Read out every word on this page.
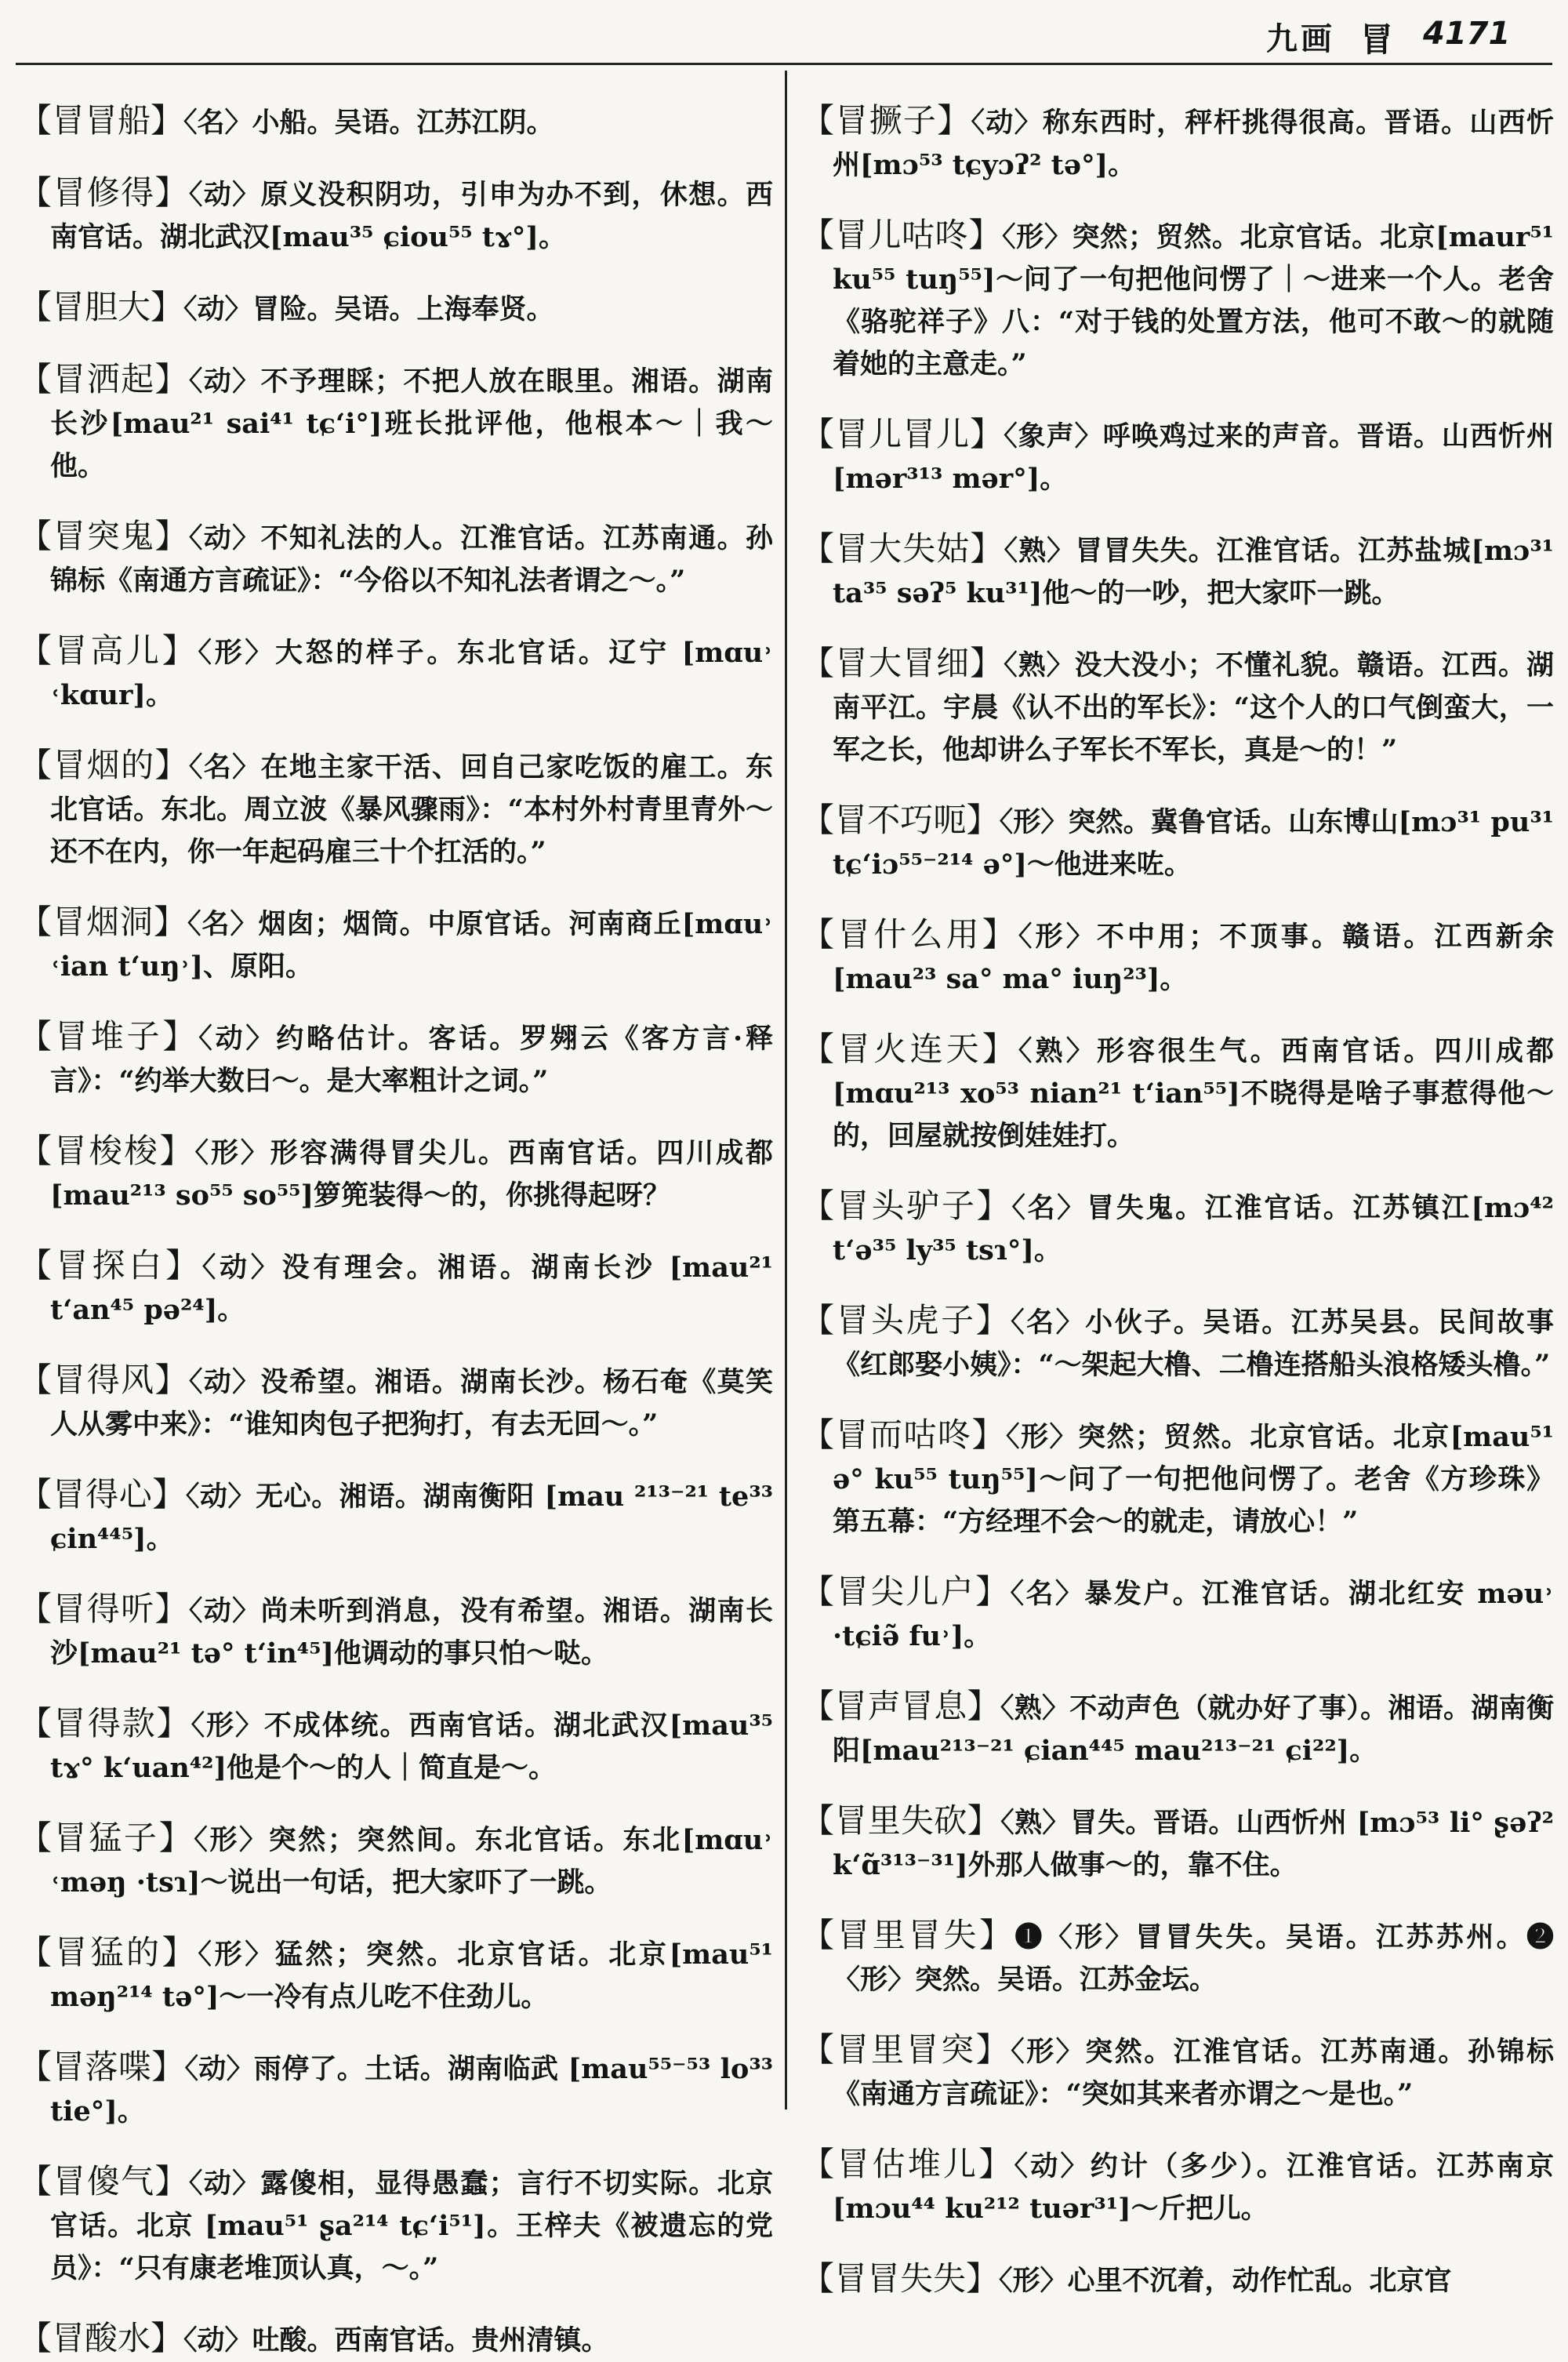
九画 冒 4171

【冒冒船】〈名〉小船。吴语。江苏江阴。

【冒修得】〈动〉原义没积阴功，引申为办不到，休想。西南官话。湖北武汉[mau³⁵ ɕiou⁵⁵ tɤ°]。

【冒胆大】〈动〉冒险。吴语。上海奉贤。

【冒洒起】〈动〉不予理睬；不把人放在眼里。湘语。湖南长沙[mau²¹ sai⁴¹ tɕʻi°]班长批评他，他根本～｜我～他。

【冒突鬼】〈动〉不知礼法的人。江淮官话。江苏南通。孙锦标《南通方言疏证》：“今俗以不知礼法者谓之～。”

【冒高儿】〈形〉大怒的样子。东北官话。辽宁 [mɑu˒ ˓kɑur]。

【冒烟的】〈名〉在地主家干活、回自己家吃饭的雇工。东北官话。东北。周立波《暴风骤雨》：“本村外村青里青外～还不在内，你一年起码雇三十个扛活的。”

【冒烟洞】〈名〉烟囱；烟筒。中原官话。河南商丘[mɑu˒ ˓ian tʻuŋ˒]、原阳。

【冒堆子】〈动〉约略估计。客话。罗翙云《客方言·释言》：“约举大数曰～。是大率粗计之词。”

【冒梭梭】〈形〉形容满得冒尖儿。西南官话。四川成都[mau²¹³ so⁵⁵ so⁵⁵]箩篼装得～的，你挑得起呀？

【冒探白】〈动〉没有理会。湘语。湖南长沙 [mau²¹ tʻan⁴⁵ pə²⁴]。

【冒得风】〈动〉没希望。湘语。湖南长沙。杨石奄《莫笑人从雾中来》：“谁知肉包子把狗打，有去无回～。”

【冒得心】〈动〉无心。湘语。湖南衡阳 [mau ²¹³⁻²¹ te³³ ɕin⁴⁴⁵]。

【冒得听】〈动〉尚未听到消息，没有希望。湘语。湖南长沙[mau²¹ tə° tʻin⁴⁵]他调动的事只怕～哒。

【冒得款】〈形〉不成体统。西南官话。湖北武汉[mau³⁵ tɤ° kʻuan⁴²]他是个～的人｜简直是～。

【冒猛子】〈形〉突然；突然间。东北官话。东北[mɑu˒ ˓məŋ ·tsɿ]～说出一句话，把大家吓了一跳。

【冒猛的】〈形〉猛然；突然。北京官话。北京[mau⁵¹ məŋ²¹⁴ tə°]～一冷有点儿吃不住劲儿。

【冒落喋】〈动〉雨停了。土话。湖南临武 [mau⁵⁵⁻⁵³ lo³³ tie°]。

【冒傻气】〈动〉露傻相，显得愚蠢；言行不切实际。北京官话。北京 [mau⁵¹ ʂa²¹⁴ tɕʻi⁵¹]。王梓夫《被遗忘的党员》：“只有康老堆顶认真，～。”

【冒酸水】〈动〉吐酸。西南官话。贵州清镇。

【冒撅子】〈动〉称东西时，秤杆挑得很高。晋语。山西忻州[mɔ⁵³ tɕyɔʔ² tə°]。

【冒儿咕咚】〈形〉突然；贸然。北京官话。北京[maur⁵¹ ku⁵⁵ tuŋ⁵⁵]～问了一句把他问愣了｜～进来一个人。老舍《骆驼祥子》八：“对于钱的处置方法，他可不敢～的就随着她的主意走。”

【冒儿冒儿】〈象声〉呼唤鸡过来的声音。晋语。山西忻州[mər³¹³ mər°]。

【冒大失姑】〈熟〉冒冒失失。江淮官话。江苏盐城[mɔ³¹ ta³⁵ səʔ⁵ ku³¹]他～的一吵，把大家吓一跳。

【冒大冒细】〈熟〉没大没小；不懂礼貌。赣语。江西。湖南平江。宇晨《认不出的军长》：“这个人的口气倒蛮大，一军之长，他却讲么子军长不军长，真是～的！”

【冒不巧呃】〈形〉突然。冀鲁官话。山东博山[mɔ³¹ pu³¹ tɕʻiɔ⁵⁵⁻²¹⁴ ə°]～他进来咗。

【冒什么用】〈形〉不中用；不顶事。赣语。江西新余[mau²³ sa° ma° iuŋ²³]。

【冒火连天】〈熟〉形容很生气。西南官话。四川成都[mɑu²¹³ xo⁵³ nian²¹ tʻian⁵⁵]不晓得是啥子事惹得他～的，回屋就按倒娃娃打。

【冒头驴子】〈名〉冒失鬼。江淮官话。江苏镇江[mɔ⁴² tʻə³⁵ ly³⁵ tsɿ°]。

【冒头虎子】〈名〉小伙子。吴语。江苏吴县。民间故事《红郎娶小姨》：“～架起大橹、二橹连搭船头浪格矮头橹。”

【冒而咕咚】〈形〉突然；贸然。北京官话。北京[mau⁵¹ ə° ku⁵⁵ tuŋ⁵⁵]～问了一句把他问愣了。老舍《方珍珠》第五幕：“方经理不会～的就走，请放心！”

【冒尖儿户】〈名〉暴发户。江淮官话。湖北红安 məu˒ ·tɕiə̃ fu˒]。

【冒声冒息】〈熟〉不动声色（就办好了事）。湘语。湖南衡阳[mau²¹³⁻²¹ ɕian⁴⁴⁵ mau²¹³⁻²¹ ɕi²²]。

【冒里失砍】〈熟〉冒失。晋语。山西忻州 [mɔ⁵³ li° ʂəʔ² kʻɑ̃³¹³⁻³¹]外那人做事～的，靠不住。

【冒里冒失】❶〈形〉冒冒失失。吴语。江苏苏州。❷〈形〉突然。吴语。江苏金坛。

【冒里冒突】〈形〉突然。江淮官话。江苏南通。孙锦标《南通方言疏证》：“突如其来者亦谓之～是也。”

【冒估堆儿】〈动〉约计（多少）。江淮官话。江苏南京[mɔu⁴⁴ ku²¹² tuər³¹]～斤把儿。

【冒冒失失】〈形〉心里不沉着，动作忙乱。北京官
